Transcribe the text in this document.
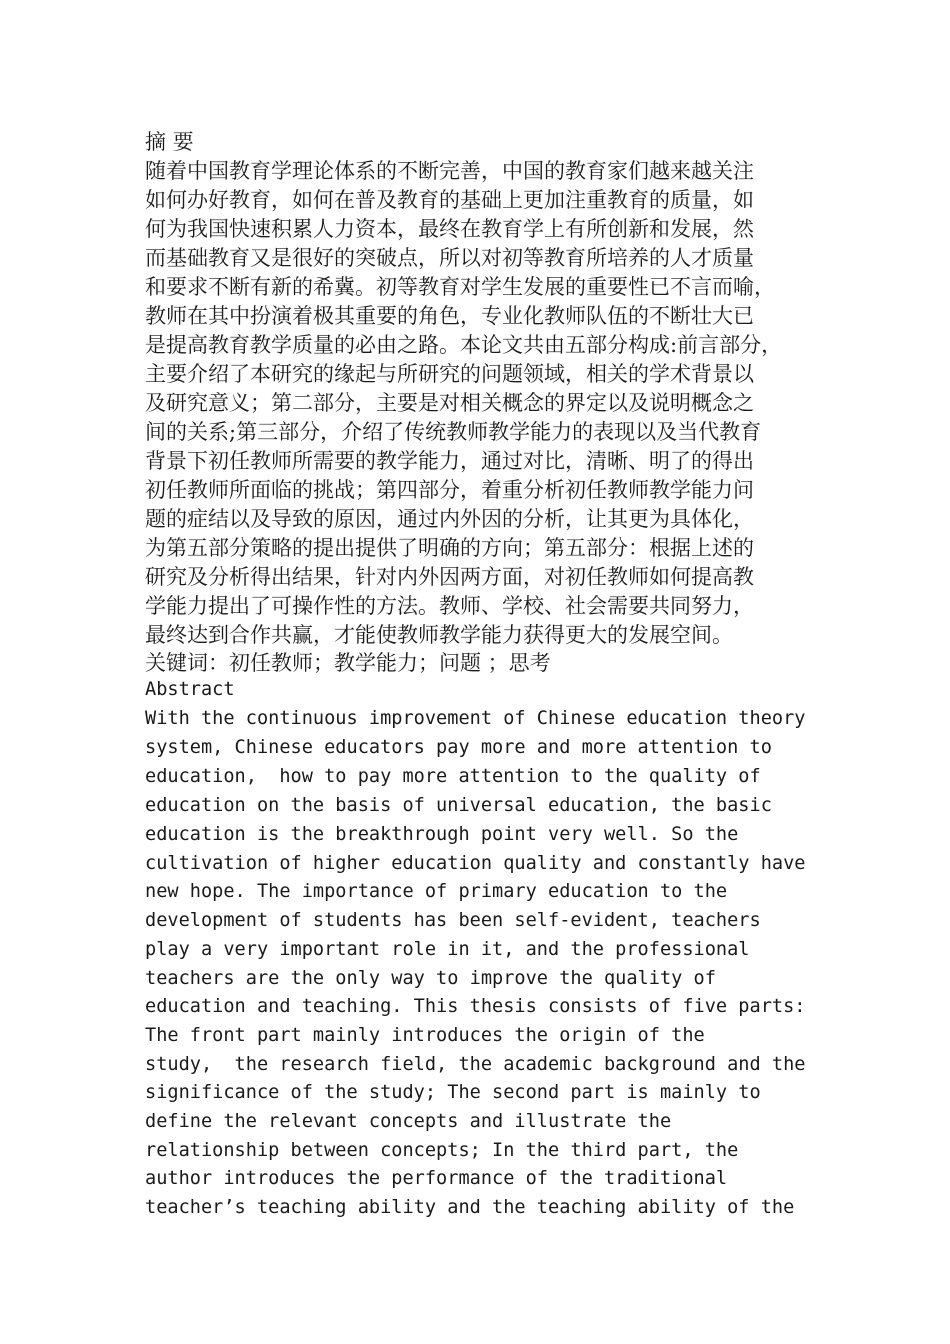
摘 要
随着中国教育学理论体系的不断完善，中国的教育家们越来越关注
如何办好教育，如何在普及教育的基础上更加注重教育的质量，如
何为我国快速积累人力资本，最终在教育学上有所创新和发展，然
而基础教育又是很好的突破点，所以对初等教育所培养的人才质量
和要求不断有新的希冀。初等教育对学生发展的重要性已不言而喻，
教师在其中扮演着极其重要的角色，专业化教师队伍的不断壮大已
是提高教育教学质量的必由之路。本论文共由五部分构成:前言部分，
主要介绍了本研究的缘起与所研究的问题领域，相关的学术背景以
及研究意义；第二部分，主要是对相关概念的界定以及说明概念之
间的关系;第三部分，介绍了传统教师教学能力的表现以及当代教育
背景下初任教师所需要的教学能力，通过对比，清晰、明了的得出
初任教师所面临的挑战；第四部分，着重分析初任教师教学能力问
题的症结以及导致的原因，通过内外因的分析，让其更为具体化，
为第五部分策略的提出提供了明确的方向；第五部分：根据上述的
研究及分析得出结果，针对内外因两方面，对初任教师如何提高教
学能力提出了可操作性的方法。教师、学校、社会需要共同努力，
最终达到合作共赢，才能使教师教学能力获得更大的发展空间。
关键词：初任教师；教学能力；问题 ；思考
Abstract
With the continuous improvement of Chinese education theory
system, Chinese educators pay more and more attention to
education,  how to pay more attention to the quality of
education on the basis of universal education, the basic
education is the breakthrough point very well. So the
cultivation of higher education quality and constantly have
new hope. The importance of primary education to the
development of students has been self-evident, teachers
play a very important role in it, and the professional
teachers are the only way to improve the quality of
education and teaching. This thesis consists of five parts:
The front part mainly introduces the origin of the
study,  the research field, the academic background and the
significance of the study; The second part is mainly to
define the relevant concepts and illustrate the
relationship between concepts; In the third part, the
author introduces the performance of the traditional
teacher’s teaching ability and the teaching ability of the
